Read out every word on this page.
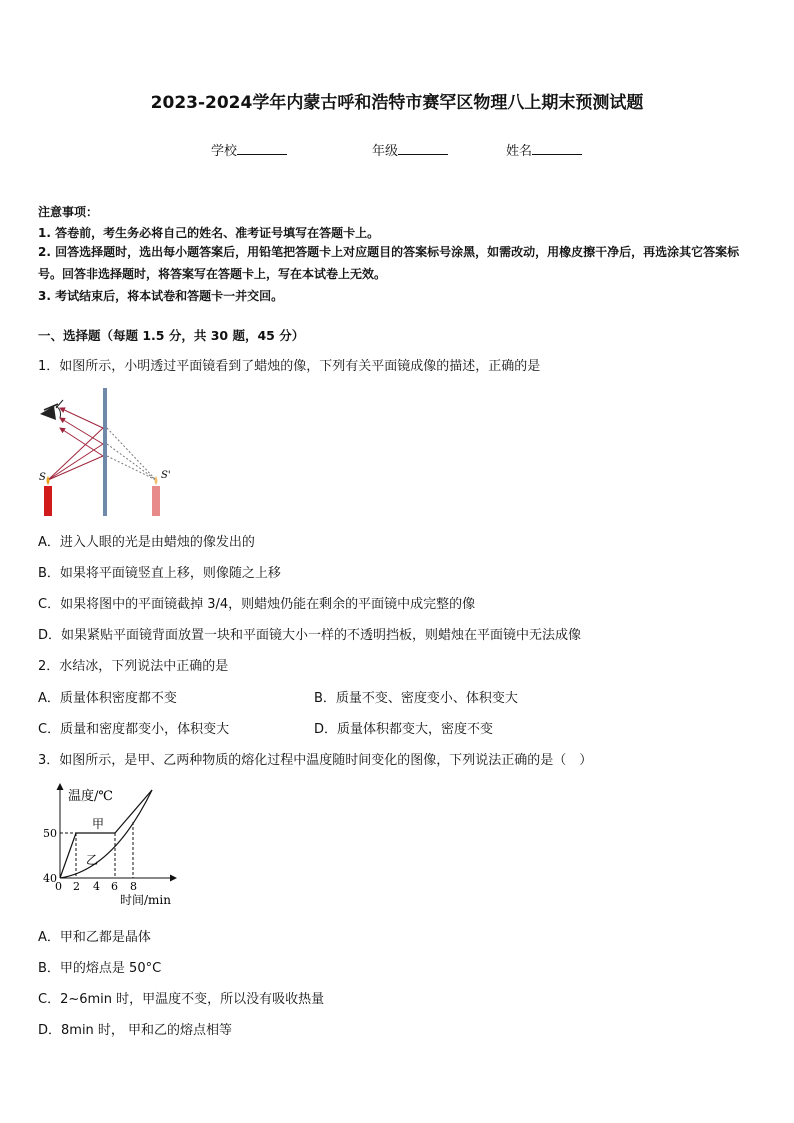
2023-2024学年内蒙古呼和浩特市赛罕区物理八上期末预测试题
学校	年级	姓名
注意事项：
1. 答卷前，考生务必将自己的姓名、准考证号填写在答题卡上。
2. 回答选择题时，选出每小题答案后，用铅笔把答题卡上对应题目的答案标号涂黑，如需改动，用橡皮擦干净后，再选涂其它答案标号。回答非选择题时，将答案写在答题卡上，写在本试卷上无效。
3. 考试结束后，将本试卷和答题卡一并交回。
一、选择题（每题 1.5 分，共 30 题，45 分）
1．如图所示，小明透过平面镜看到了蜡烛的像，下列有关平面镜成像的描述，正确的是
S	S'
A．进入人眼的光是由蜡烛的像发出的
B．如果将平面镜竖直上移，则像随之上移
C．如果将图中的平面镜截掉 3/4，则蜡烛仍能在剩余的平面镜中成完整的像
D．如果紧贴平面镜背面放置一块和平面镜大小一样的不透明挡板，则蜡烛在平面镜中无法成像
2．水结冰，下列说法中正确的是
A．质量体积密度都不变	B．质量不变、密度变小、体积变大
C．质量和密度都变小，体积变大	D．质量体积都变大，密度不变
3．如图所示，是甲、乙两种物质的熔化过程中温度随时间变化的图像，下列说法正确的是（　）
温度/℃
时间/min
50
40
0 2 4 6 8
甲
乙
A．甲和乙都是晶体
B．甲的熔点是 50°C
C．2~6min 时，甲温度不变，所以没有吸收热量
D．8min 时， 甲和乙的熔点相等
